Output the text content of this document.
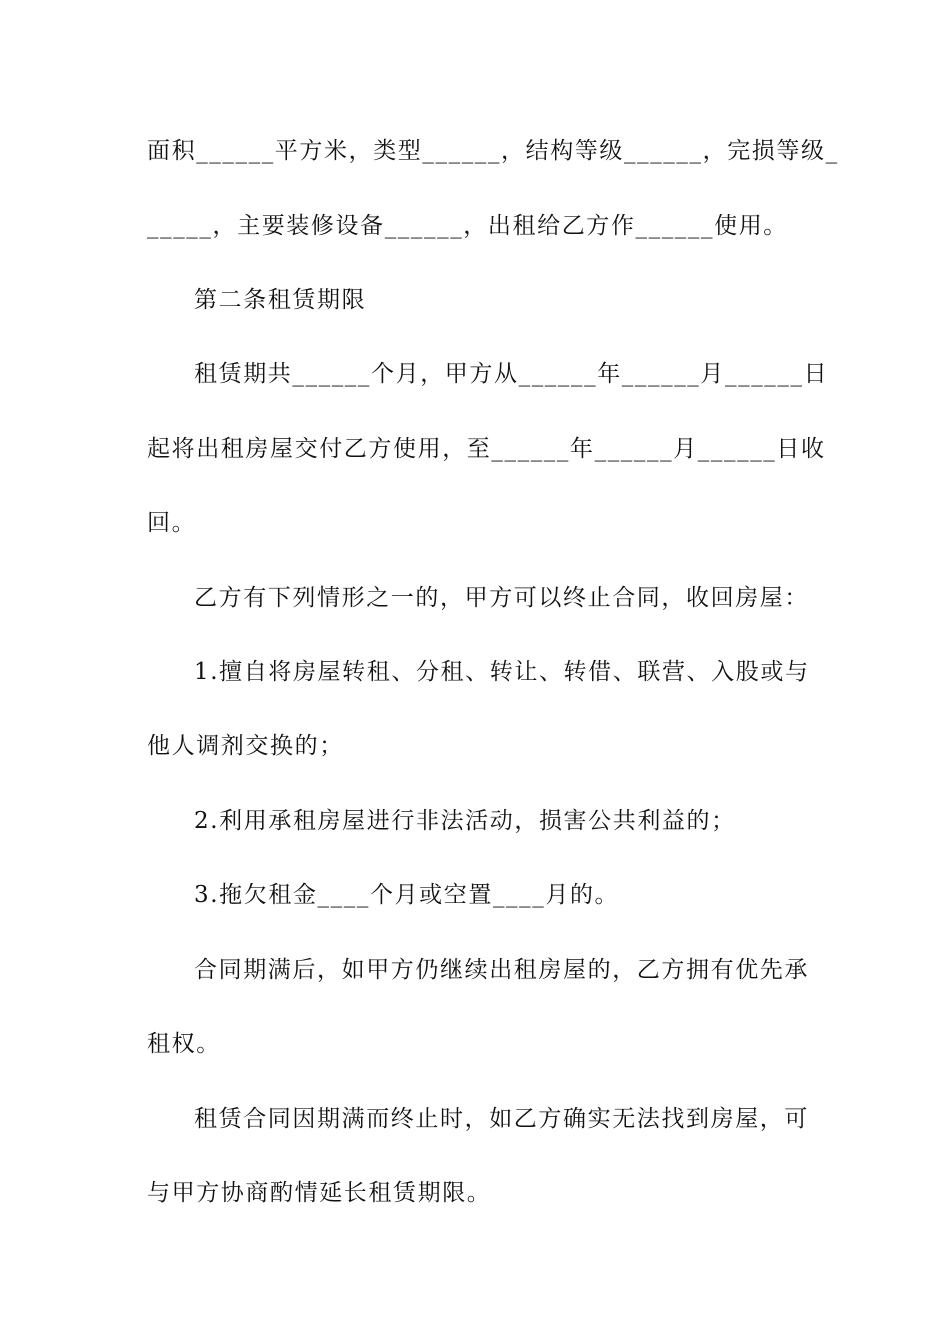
面积______平方米，类型______，结构等级______，完损等级_
_____，主要装修设备______，出租给乙方作______使用。
第二条租赁期限
租赁期共______个月，甲方从______年______月______日
起将出租房屋交付乙方使用，至______年______月______日收
回。
乙方有下列情形之一的，甲方可以终止合同，收回房屋：
1.擅自将房屋转租、分租、转让、转借、联营、入股或与
他人调剂交换的；
2.利用承租房屋进行非法活动，损害公共利益的；
3.拖欠租金____个月或空置____月的。
合同期满后，如甲方仍继续出租房屋的，乙方拥有优先承
租权。
租赁合同因期满而终止时，如乙方确实无法找到房屋，可
与甲方协商酌情延长租赁期限。
